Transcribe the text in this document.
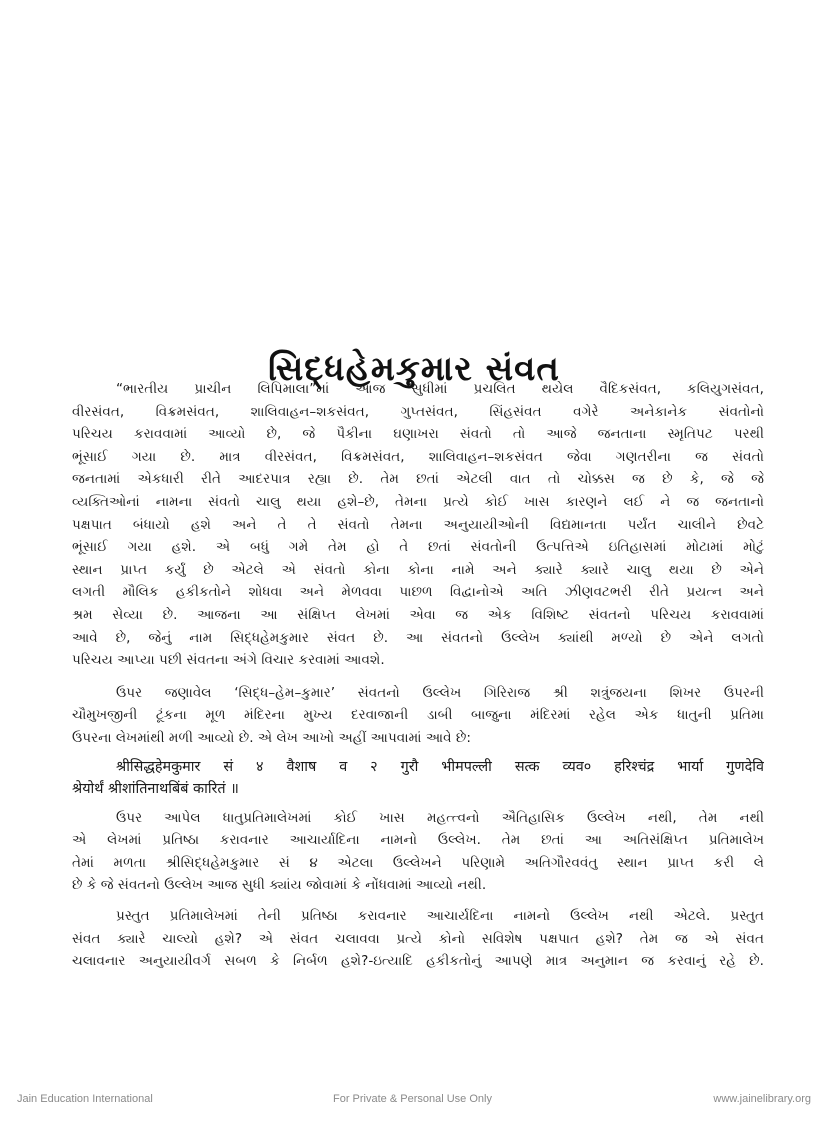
સિદ્ધહેમકુમાર સંવત

“ભારતીય પ્રાચીન લિપિમાલા”માં આજ સુધીમાં પ્રચલિત થયેલ વૈદિકસંવત, કલિયુગસંવત,
વીરસંવત, વિક્રમસંવત, શાલિવાહન–શકસંવત, ગુપ્તસંવત, સિંહસંવત વગેરે અનેકાનેક સંવતોનો
પરિચય કરાવવામાં આવ્યો છે, જે પૈકીના ઘણાખરા સંવતો તો આજે જનતાના સ્મૃતિપટ પરથી
ભૂંસાઈ ગયા છે. માત્ર વીરસંવત, વિક્રમસંવત, શાલિવાહન–શકસંવત જેવા ગણતરીના જ સંવતો
જનતામાં એકધારી રીતે આદરપાત્ર રહ્યા છે. તેમ છતાં એટલી વાત તો ચોક્કસ જ છે કે, જે જે
વ્યક્તિઓનાં નામના સંવતો ચાલુ થયા હશે–છે, તેમના પ્રત્યે કોઈ ખાસ કારણને લઈ ને જ જનતાનો
પક્ષપાત બંધાયો હશે અને તે તે સંવતો તેમના અનુયાયીઓની વિદ્યમાનતા પર્યંત ચાલીને છેવટે
ભૂંસાઈ ગયા હશે. એ બધું ગમે તેમ હો તે છતાં સંવતોની ઉત્પત્તિએ ઇતિહાસમાં મોટામાં મોટું
સ્થાન પ્રાપ્ત કર્યું છે એટલે એ સંવતો કોના કોના નામે અને ક્યારે ક્યારે ચાલુ થયા છે એને
લગતી મૌલિક હકીકતોને શોધવા અને મેળવવા પાછળ વિદ્વાનોએ અતિ ઝીણવટભરી રીતે પ્રયત્ન અને
શ્રમ સેવ્યા છે. આજના આ સંક્ષિપ્ત લેખમાં એવા જ એક વિશિષ્ટ સંવતનો પરિચય કરાવવામાં
આવે છે, જેનું નામ સિદ્ધહેમકુમાર સંવત છે. આ સંવતનો ઉલ્લેખ ક્યાંથી મળ્યો છે એને લગતો
પરિચય આપ્યા પછી સંવતના અંગે વિચાર કરવામાં આવશે.

ઉપર જણાવેલ ‘સિદ્ધ–હેમ–કુમાર’ સંવતનો ઉલ્લેખ ગિરિરાજ શ્રી શત્રુંજયના શિખર ઉપરની
ચૌમુખજીની ટૂંકના મૂળ મંદિરના મુખ્ય દરવાજાની ડાબી બાજુના મંદિરમાં રહેલ એક ધાતુની પ્રતિમા
ઉપરના લેખમાંથી મળી આવ્યો છે. એ લેખ આખો અહીં આપવામાં આવે છે:

श्रीसिद्धहेमकुमार सं ४ वैशाष व २ गुरौ भीमपल्ली सत्क व्यव० हरिश्चंद्र भार्या गुणदेवि
श्रेयोर्थं श्रीशांतिनाथबिंबं कारितं ॥

ઉપર આપેલ ધાતુપ્રતિમાલેખમાં કોઈ ખાસ મહત્ત્વનો ઐતિહાસિક ઉલ્લેખ નથી, તેમ નથી
એ લેખમાં પ્રતિષ્ઠા કરાવનાર આચાર્યાદિના નામનો ઉલ્લેખ. તેમ છતાં આ અતિસંક્ષિપ્ત પ્રતિમાલેખ
તેમાં મળતા શ્રીસિદ્ધહેમકુમાર સં ૪ એટલા ઉલ્લેખને પરિણામે અતિગૌરવવંતુ સ્થાન પ્રાપ્ત કરી લે
છે કે જે સંવતનો ઉલ્લેખ આજ સુધી ક્યાંય જોવામાં કે નોંધવામાં આવ્યો નથી.

પ્રસ્તુત પ્રતિમાલેખમાં તેની પ્રતિષ્ઠા કરાવનાર આચાર્યદિના નામનો ઉલ્લેખ નથી એટલે. પ્રસ્તુત
સંવત ક્યારે ચાલ્યો હશે? એ સંવત ચલાવવા પ્રત્યે કોનો સવિશેષ પક્ષપાત હશે? તેમ જ એ સંવત
ચલાવનાર અનુયાયીવર્ગ સબળ કે નિર્બળ હશે?-ઇત્યાદિ હકીકતોનું આપણે માત્ર અનુમાન જ કરવાનું રહે છે.

Jain Education International	For Private & Personal Use Only	www.jainelibrary.org
